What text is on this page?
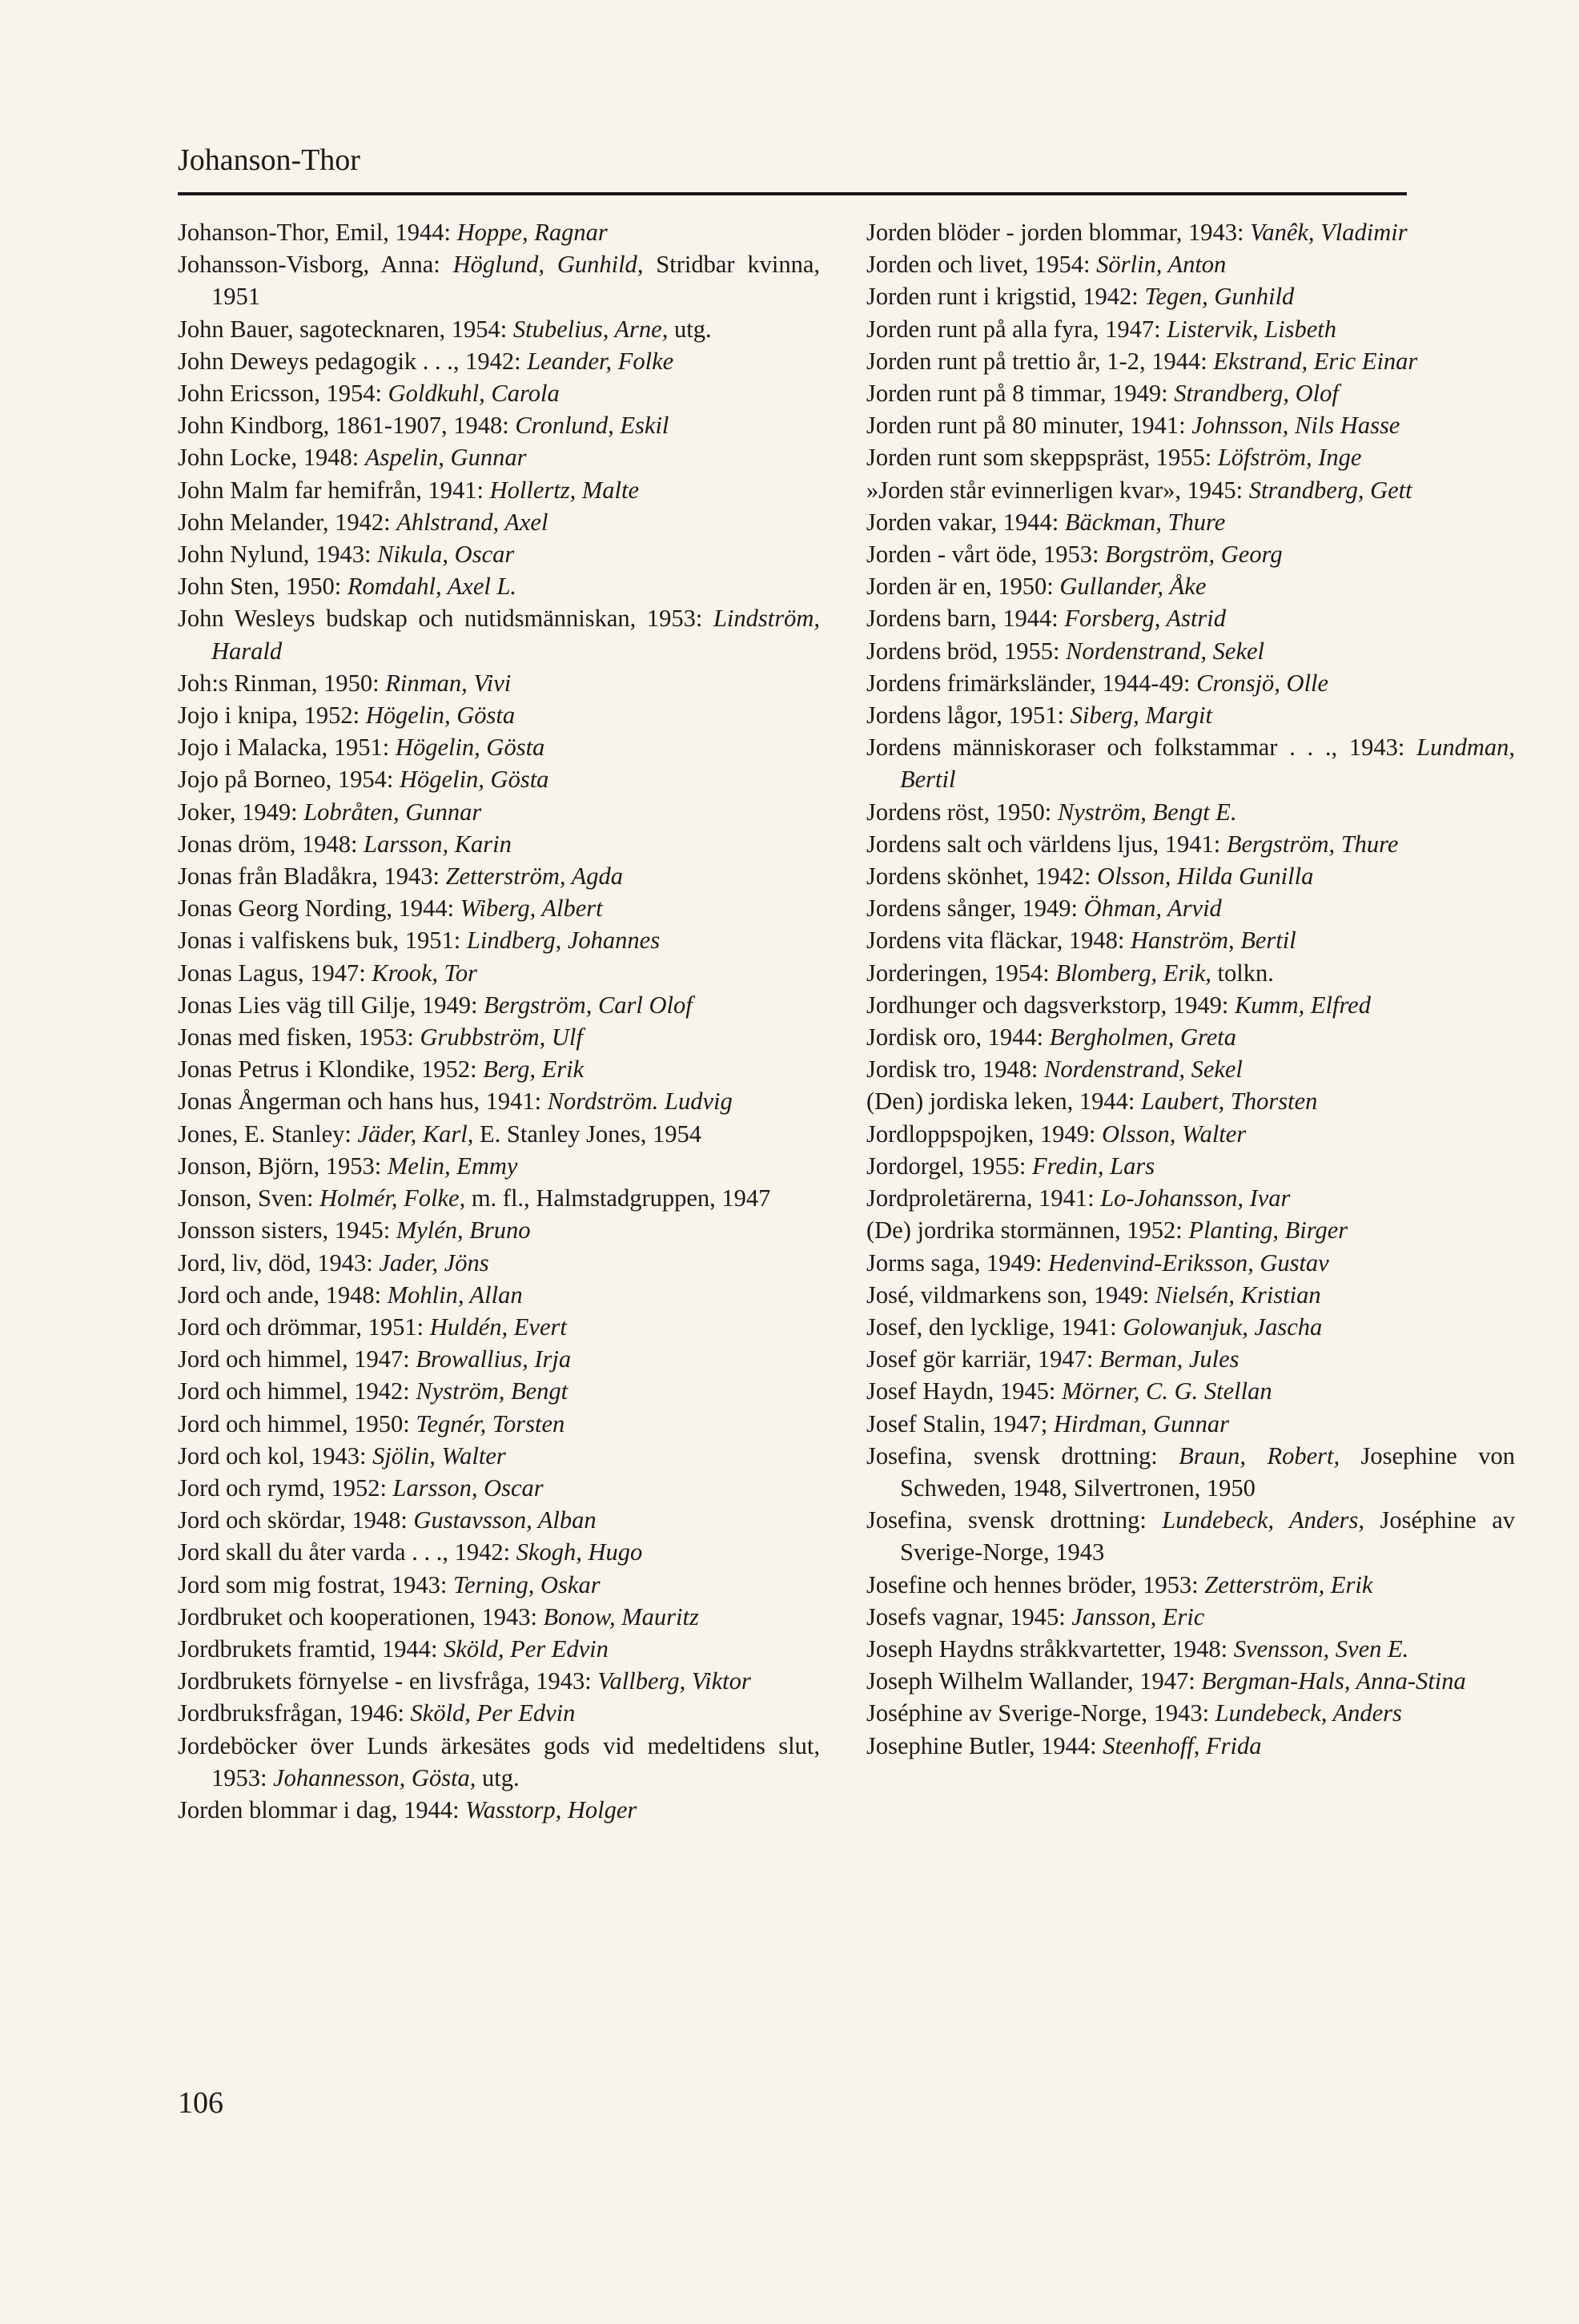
Johanson-Thor
Johanson-Thor, Emil, 1944: Hoppe, Ragnar
Johansson-Visborg, Anna: Höglund, Gunhild, Stridbar kvinna, 1951
John Bauer, sagotecknaren, 1954: Stubelius, Arne, utg.
John Deweys pedagogik . . ., 1942: Leander, Folke
John Ericsson, 1954: Goldkuhl, Carola
John Kindborg, 1861-1907, 1948: Cronlund, Eskil
John Locke, 1948: Aspelin, Gunnar
John Malm far hemifrån, 1941: Hollertz, Malte
John Melander, 1942: Ahlstrand, Axel
John Nylund, 1943: Nikula, Oscar
John Sten, 1950: Romdahl, Axel L.
John Wesleys budskap och nutidsmänniskan, 1953: Lindström, Harald
Joh:s Rinman, 1950: Rinman, Vivi
Jojo i knipa, 1952: Högelin, Gösta
Jojo i Malacka, 1951: Högelin, Gösta
Jojo på Borneo, 1954: Högelin, Gösta
Joker, 1949: Lobråten, Gunnar
Jonas dröm, 1948: Larsson, Karin
Jonas från Bladåkra, 1943: Zetterström, Agda
Jonas Georg Nording, 1944: Wiberg, Albert
Jonas i valfiskens buk, 1951: Lindberg, Johannes
Jonas Lagus, 1947: Krook, Tor
Jonas Lies väg till Gilje, 1949: Bergström, Carl Olof
Jonas med fisken, 1953: Grubbström, Ulf
Jonas Petrus i Klondike, 1952: Berg, Erik
Jonas Ångerman och hans hus, 1941: Nordström. Ludvig
Jones, E. Stanley: Jäder, Karl, E. Stanley Jones, 1954
Jonson, Björn, 1953: Melin, Emmy
Jonson, Sven: Holmér, Folke, m. fl., Halmstadgruppen, 1947
Jonsson sisters, 1945: Mylén, Bruno
Jord, liv, död, 1943: Jader, Jöns
Jord och ande, 1948: Mohlin, Allan
Jord och drömmar, 1951: Huldén, Evert
Jord och himmel, 1947: Browallius, Irja
Jord och himmel, 1942: Nyström, Bengt
Jord och himmel, 1950: Tegnér, Torsten
Jord och kol, 1943: Sjölin, Walter
Jord och rymd, 1952: Larsson, Oscar
Jord och skördar, 1948: Gustavsson, Alban
Jord skall du åter varda . . ., 1942: Skogh, Hugo
Jord som mig fostrat, 1943: Terning, Oskar
Jordbruket och kooperationen, 1943: Bonow, Mauritz
Jordbrukets framtid, 1944: Sköld, Per Edvin
Jordbrukets förnyelse - en livsfråga, 1943: Vallberg, Viktor
Jordbruksfrågan, 1946: Sköld, Per Edvin
Jordeböcker över Lunds ärkesätes gods vid medeltidens slut, 1953: Johannesson, Gösta, utg.
Jorden blommar i dag, 1944: Wasstorp, Holger
Jorden blöder - jorden blommar, 1943: Vanêk, Vladimir
Jorden och livet, 1954: Sörlin, Anton
Jorden runt i krigstid, 1942: Tegen, Gunhild
Jorden runt på alla fyra, 1947: Listervik, Lisbeth
Jorden runt på trettio år, 1-2, 1944: Ekstrand, Eric Einar
Jorden runt på 8 timmar, 1949: Strandberg, Olof
Jorden runt på 80 minuter, 1941: Johnsson, Nils Hasse
Jorden runt som skeppspräst, 1955: Löfström, Inge
»Jorden står evinnerligen kvar», 1945: Strandberg, Gett
Jorden vakar, 1944: Bäckman, Thure
Jorden - vårt öde, 1953: Borgström, Georg
Jorden är en, 1950: Gullander, Åke
Jordens barn, 1944: Forsberg, Astrid
Jordens bröd, 1955: Nordenstrand, Sekel
Jordens frimärksländer, 1944-49: Cronsjö, Olle
Jordens lågor, 1951: Siberg, Margit
Jordens människoraser och folkstammar . . ., 1943: Lundman, Bertil
Jordens röst, 1950: Nyström, Bengt E.
Jordens salt och världens ljus, 1941: Bergström, Thure
Jordens skönhet, 1942: Olsson, Hilda Gunilla
Jordens sånger, 1949: Öhman, Arvid
Jordens vita fläckar, 1948: Hanström, Bertil
Jorderingen, 1954: Blomberg, Erik, tolkn.
Jordhunger och dagsverkstorp, 1949: Kumm, Elfred
Jordisk oro, 1944: Bergholmen, Greta
Jordisk tro, 1948: Nordenstrand, Sekel
(Den) jordiska leken, 1944: Laubert, Thorsten
Jordloppspojken, 1949: Olsson, Walter
Jordorgel, 1955: Fredin, Lars
Jordproletärerna, 1941: Lo-Johansson, Ivar
(De) jordrika stormännen, 1952: Planting, Birger
Jorms saga, 1949: Hedenvind-Eriksson, Gustav
José, vildmarkens son, 1949: Nielsén, Kristian
Josef, den lycklige, 1941: Golowanjuk, Jascha
Josef gör karriär, 1947: Berman, Jules
Josef Haydn, 1945: Mörner, C. G. Stellan
Josef Stalin, 1947; Hirdman, Gunnar
Josefina, svensk drottning: Braun, Robert, Josephine von Schweden, 1948, Silvertronen, 1950
Josefina, svensk drottning: Lundebeck, Anders, Joséphine av Sverige-Norge, 1943
Josefine och hennes bröder, 1953: Zetterström, Erik
Josefs vagnar, 1945: Jansson, Eric
Joseph Haydns stråkkvartetter, 1948: Svensson, Sven E.
Joseph Wilhelm Wallander, 1947: Bergman-Hals, Anna-Stina
Joséphine av Sverige-Norge, 1943: Lundebeck, Anders
Josephine Butler, 1944: Steenhoff, Frida
106
